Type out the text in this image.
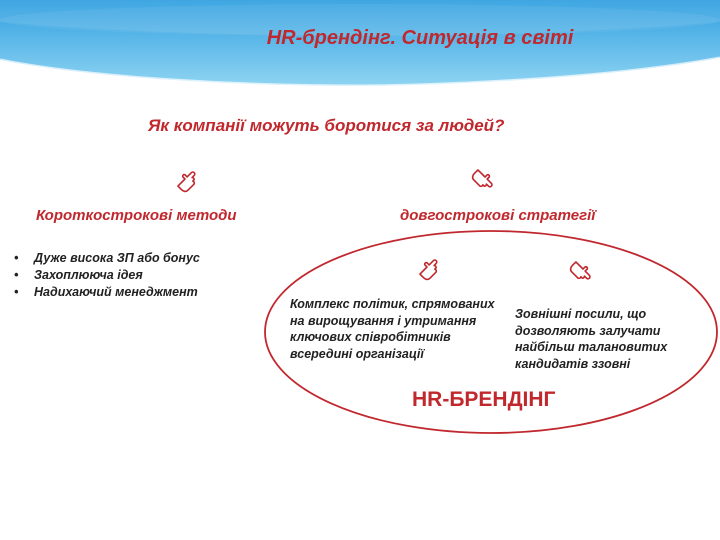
HR-брендінг. Ситуація в світі
Як компанії можуть боротися за людей?
Короткострокові методи	довгострокові стратегії
• Дуже висока ЗП або бонус
• Захоплююча ідея
• Надихаючий менеджмент
Комплекс політик, спрямованих на вирощування і утримання ключових співробітників всередині організації
Зовнішні посили, що дозволяють залучати найбільш талановитих кандидатів ззовні
HR-БРЕНДІНГ
